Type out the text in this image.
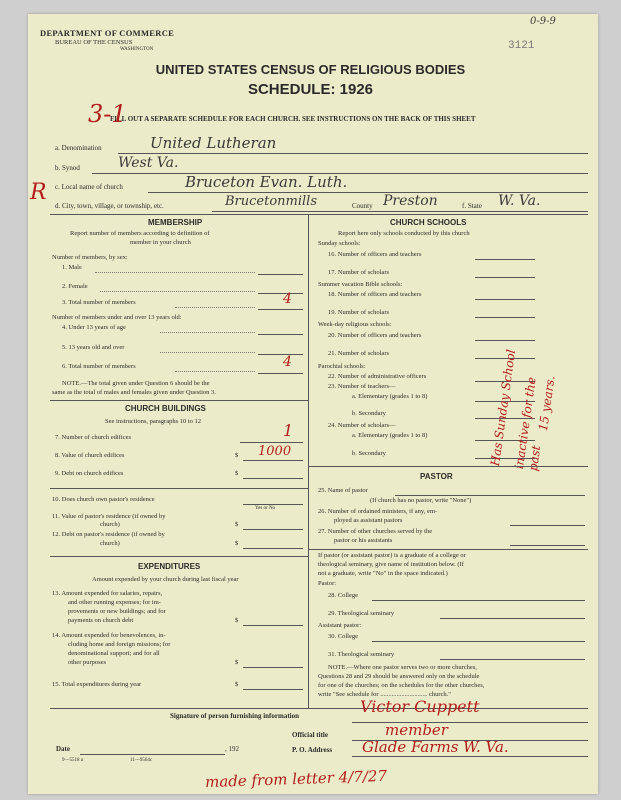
0-9-9
DEPARTMENT OF COMMERCE
BUREAU OF THE CENSUS
WASHINGTON	3121
UNITED STATES CENSUS OF RELIGIOUS BODIES
SCHEDULE: 1926
FILL OUT A SEPARATE SCHEDULE FOR EACH CHURCH. SEE INSTRUCTIONS ON THE BACK OF THIS SHEET
3-1
R
a. Denomination	United Lutheran
b. Synod	West Va.
c. Local name of church	Bruceton Evan. Luth.
d. City, town, village, or township, etc.	Brucetonmills	County Preston	f. State W. Va.
MEMBERSHIP
Report number of members according to definition of
member in your church
Number of members, by sex:
1. Male
2. Female
3. Total number of members	4
Number of members under and over 13 years old:
4. Under 13 years of age
5. 13 years old and over
6. Total number of members	4
NOTE.—The total given under Question 6 should be the
same as the total of males and females given under Question 3.
CHURCH BUILDINGS
See instructions, paragraphs 10 to 12
7. Number of church edifices	1
8. Value of church edifices	$ 1000
9. Debt on church edifices	$
10. Does church own pastor's residence
Yes or No
11. Value of pastor's residence (if owned by
church)	$
12. Debt on pastor's residence (if owned by
church)	$
EXPENDITURES
Amount expended by your church during last fiscal year
13. Amount expended for salaries, repairs,
and other running expenses; for im-
provements or new buildings; and for
payments on church debt	$
14. Amount expended for benevolences, in-
cluding home and foreign missions; for
denominational support; and for all
other purposes	$
15. Total expenditures during year	$
CHURCH SCHOOLS
Report here only schools conducted by this church
Sunday schools:
16. Number of officers and teachers
17. Number of scholars
Summer vacation Bible schools:
18. Number of officers and teachers
19. Number of scholars
Week-day religious schools:
20. Number of officers and teachers
21. Number of scholars
Parochial schools:
22. Number of administrative officers
23. Number of teachers—
a. Elementary (grades 1 to 8)
b. Secondary
24. Number of scholars—
a. Elementary (grades 1 to 8)
b. Secondary	Has Sunday School
inactive for the past
15 years.
PASTOR
25. Name of pastor
(If church has no pastor, write "None")
26. Number of ordained ministers, if any, em-
ployed as assistant pastors
27. Number of other churches served by the
pastor or his assistants
If pastor (or assistant pastor) is a graduate of a college or
theological seminary, give name of institution below. (If
not a graduate, write "No" in the space indicated.)
Pastor:
28. College
29. Theological seminary
Assistant pastor:
30. College
31. Theological seminary
NOTE.—Where one pastor serves two or more churches,
Questions 28 and 29 should be answered only on the schedule
for one of the churches; on the schedules for the other churches,
write "See schedule for ............................. church."
Signature of person furnishing information	Victor Cuppett
Official title	member
Date	, 192	P. O. Address Glade Farms W. Va.
9—5518 a	11—9564c
made from letter 4/7/27
